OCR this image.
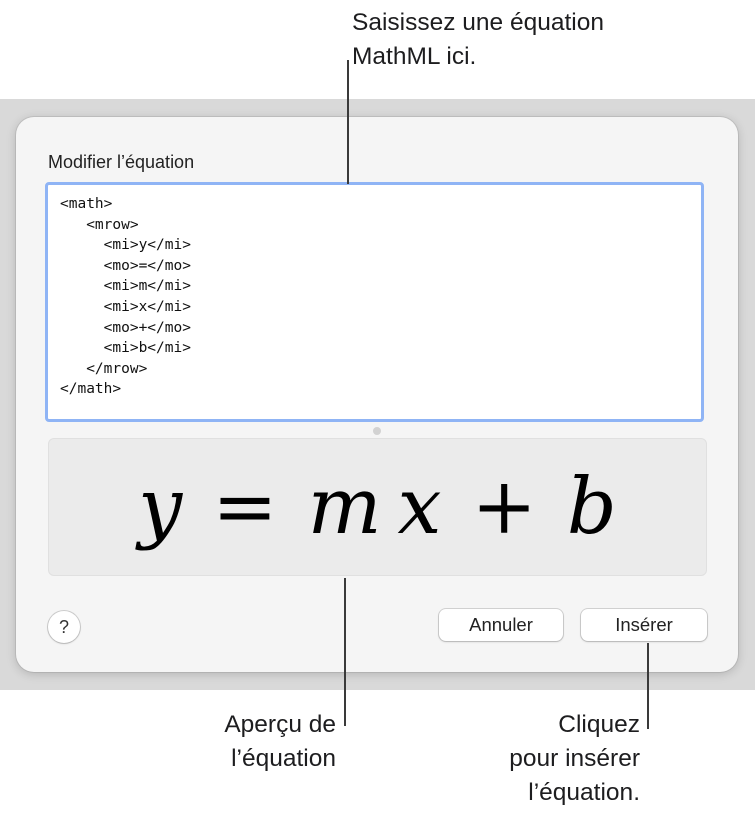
Modifier l’équation
<math>
<mrow>
<mi>y</mi>
<mo>=</mo>
<mi>m</mi>
<mi>x</mi>
<mo>+</mo>
<mi>b</mi>
</mrow>
</math>
y = m x + b
?	Annuler	Insérer
Saisissez une équation
MathML ici.
Aperçu de
l’équation
Cliquez
pour insérer
l’équation.
